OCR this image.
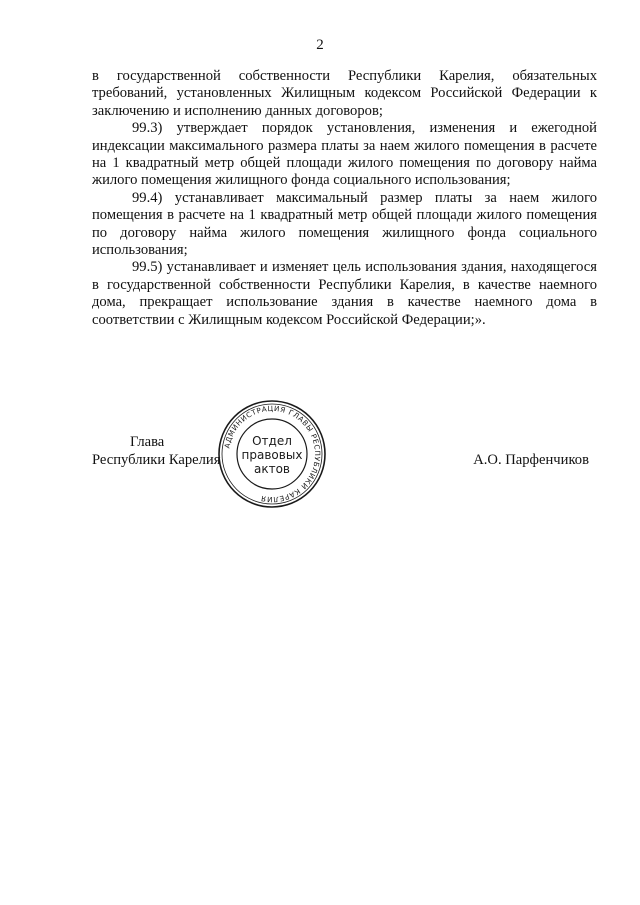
2

в государственной собственности Республики Карелия, обязательных требований, установленных Жилищным кодексом Российской Федерации к заключению и исполнению данных договоров;

99.3) утверждает порядок установления, изменения и ежегодной индексации максимального размера платы за наем жилого помещения в расчете на 1 квадратный метр общей площади жилого помещения по договору найма жилого помещения жилищного фонда социального использования;

99.4) устанавливает максимальный размер платы за наем жилого помещения в расчете на 1 квадратный метр общей площади жилого помещения по договору найма жилого помещения жилищного фонда социального использования;

99.5) устанавливает и изменяет цель использования здания, находящегося в государственной собственности Республики Карелия, в качестве наемного дома, прекращает использование здания в качестве наемного дома в соответствии с Жилищным кодексом Российской Федерации;».

Глава
Республики Карелия	А.О. Парфенчиков
АДМИНИСТРАЦИЯ ГЛАВЫ РЕСПУБЛИКИ КАРЕЛИЯ
Отдел
правовых
актов
